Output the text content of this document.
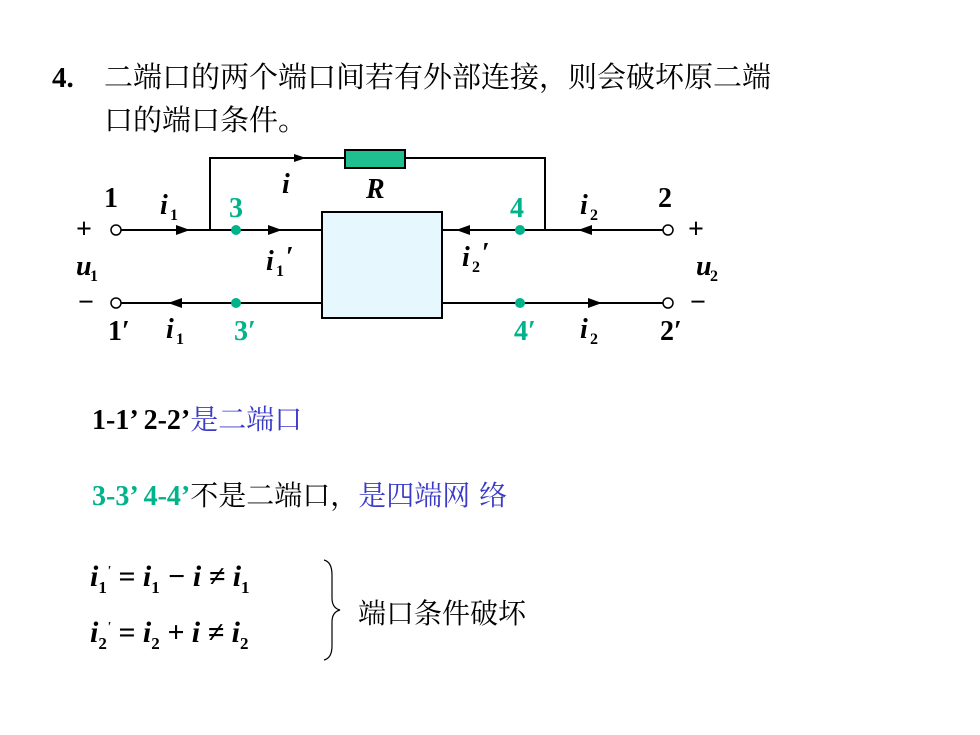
4. 二端口的两个端口间若有外部连接，则会破坏原二端
口的端口条件。
1
1′
2
2′
3
3′
4
4′
+
−
+
−
i	R
i 1
i 1 ′	i 2 ′
i 2
i 1	i 2
u
1	u
2
1-1’ 2-2’是二端口
3-3’ 4-4’不是二端口，是四端网 络
$i_1' = i_1 - i \ne i_1$
$i_2' = i_2 + i \ne i_2$
端口条件破坏
